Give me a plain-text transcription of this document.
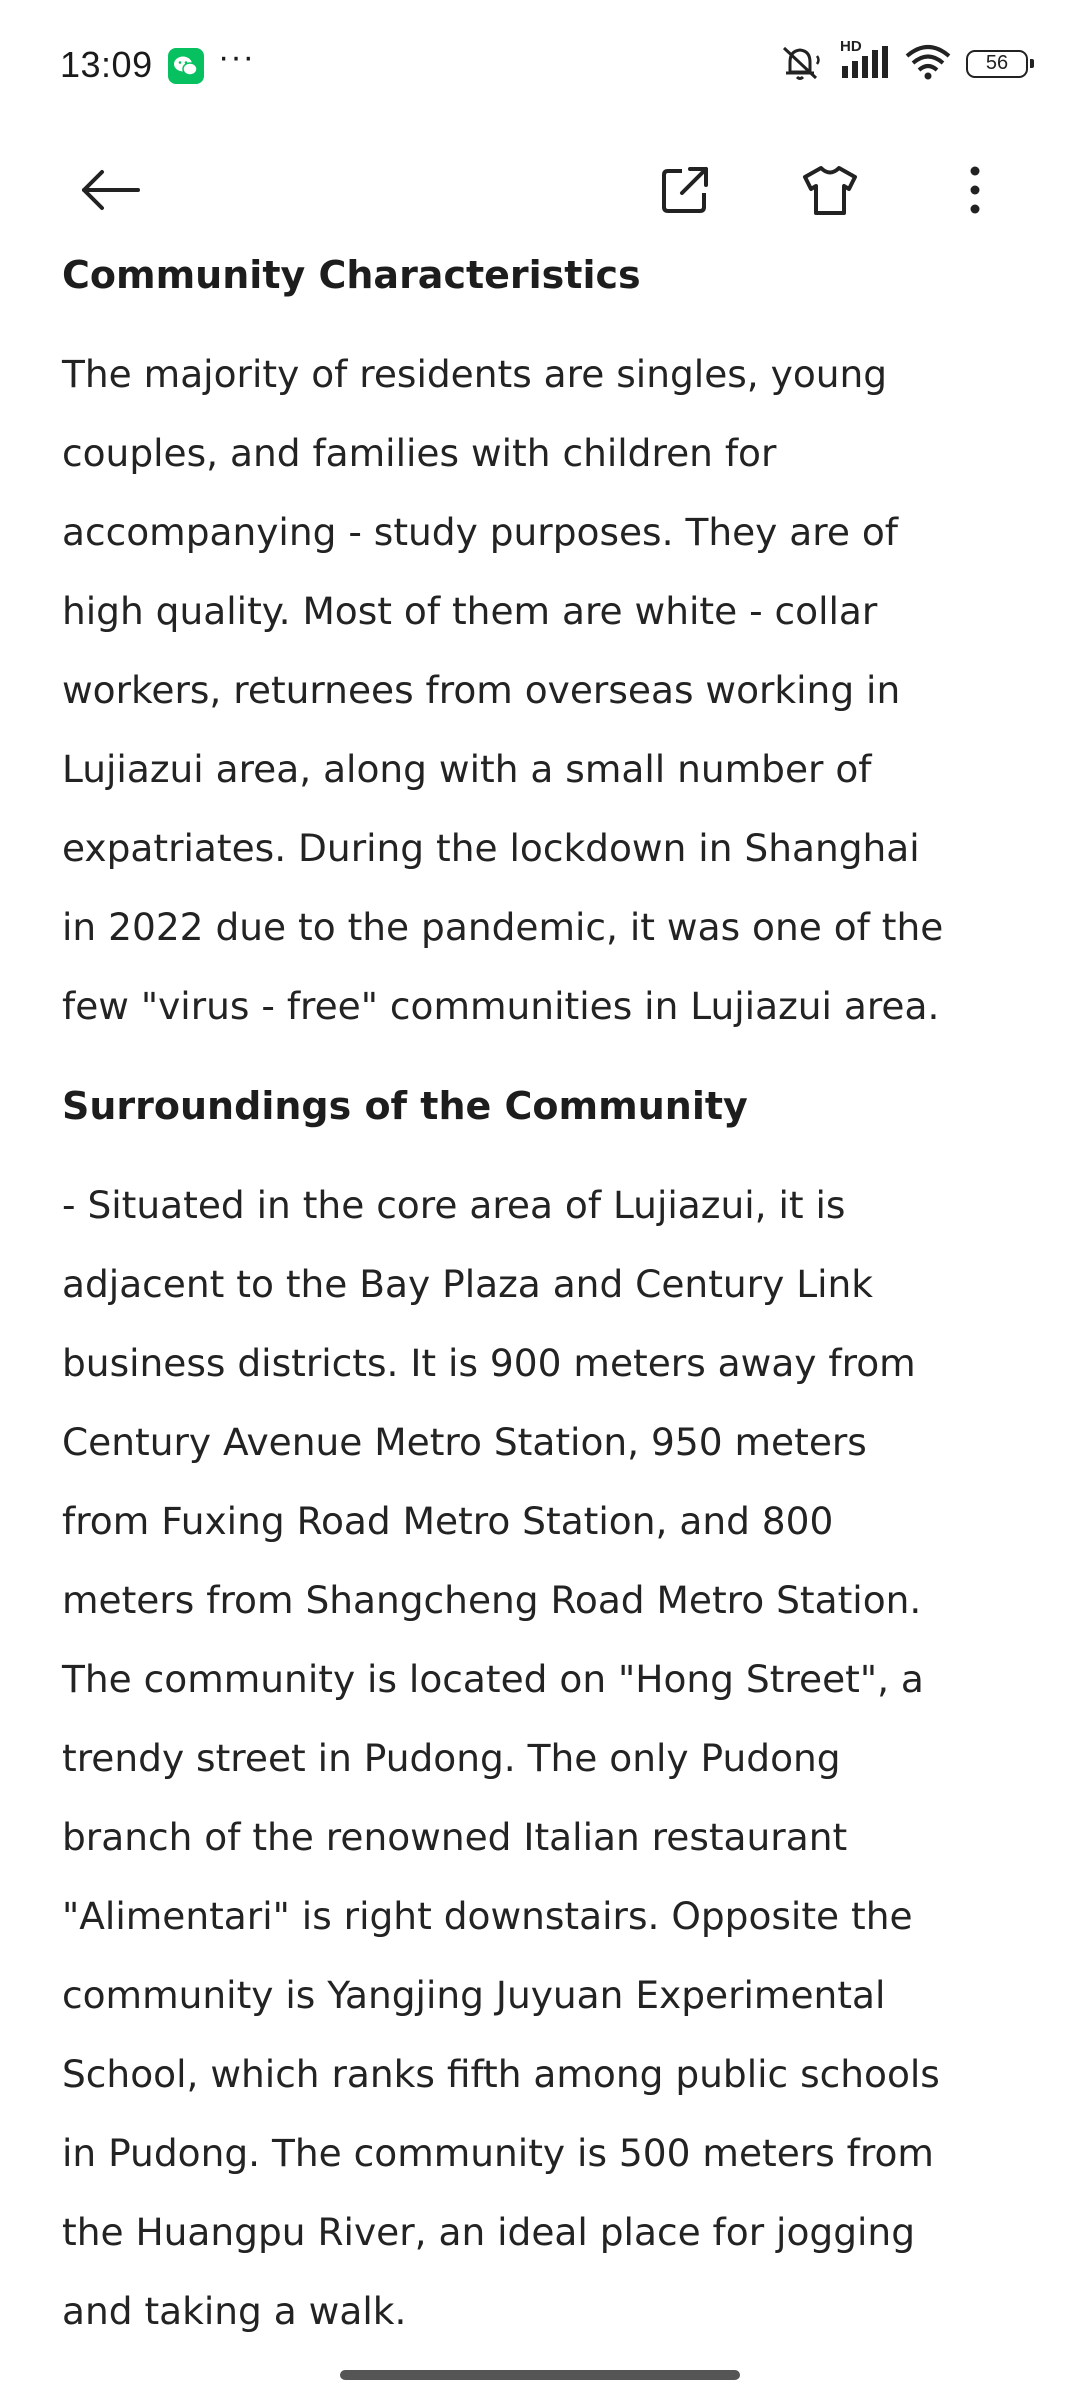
13:09 ···	HD
56
Community Characteristics

The majority of residents are singles, young
couples, and families with children for
accompanying - study purposes. They are of
high quality. Most of them are white - collar
workers, returnees from overseas working in
Lujiazui area, along with a small number of
expatriates. During the lockdown in Shanghai
in 2022 due to the pandemic, it was one of the
few "virus - free" communities in Lujiazui area.

Surroundings of the Community

- Situated in the core area of Lujiazui, it is
adjacent to the Bay Plaza and Century Link
business districts. It is 900 meters away from
Century Avenue Metro Station, 950 meters
from Fuxing Road Metro Station, and 800
meters from Shangcheng Road Metro Station.
The community is located on "Hong Street", a
trendy street in Pudong. The only Pudong
branch of the renowned Italian restaurant
"Alimentari" is right downstairs. Opposite the
community is Yangjing Juyuan Experimental
School, which ranks fifth among public schools
in Pudong. The community is 500 meters from
the Huangpu River, an ideal place for jogging
and taking a walk.
